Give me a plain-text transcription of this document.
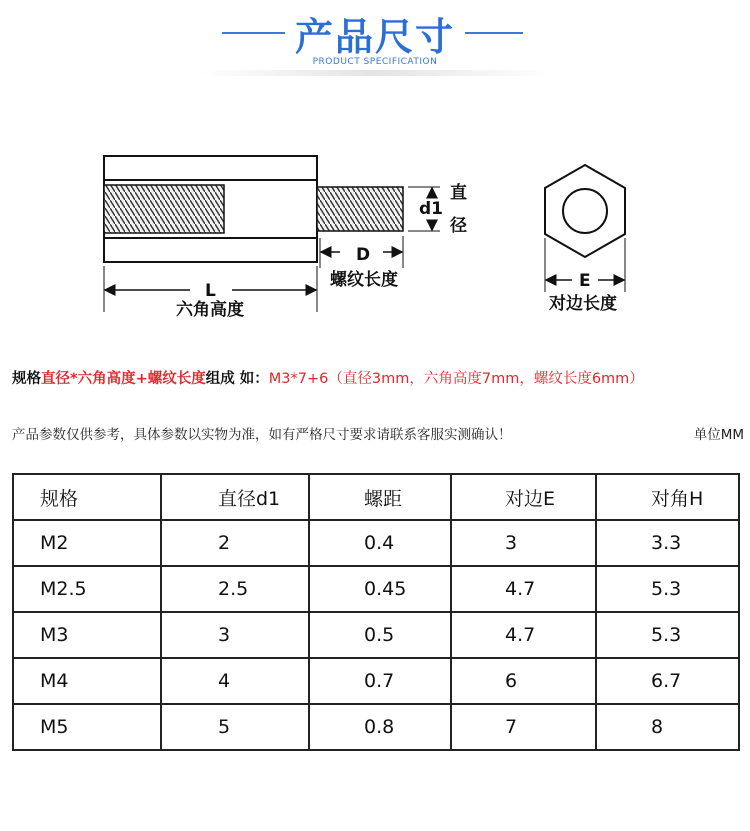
产品尺寸
PRODUCT SPECIFICATION
d1
直
径
D
螺纹长度
L
六角高度
E
对边长度
规格直径*六角高度+螺纹长度组成 如：M3*7+6（直径3mm，六角高度7mm，螺纹长度6mm）
产品参数仅供参考，具体参数以实物为准，如有严格尺寸要求请联系客服实测确认！	单位MM
规格	直径d1	螺距	对边E	对角H
M2	2	0.4	3	3.3
M2.5	2.5	0.45	4.7	5.3
M3	3	0.5	4.7	5.3
M4	4	0.7	6	6.7
M5	5	0.8	7	8
